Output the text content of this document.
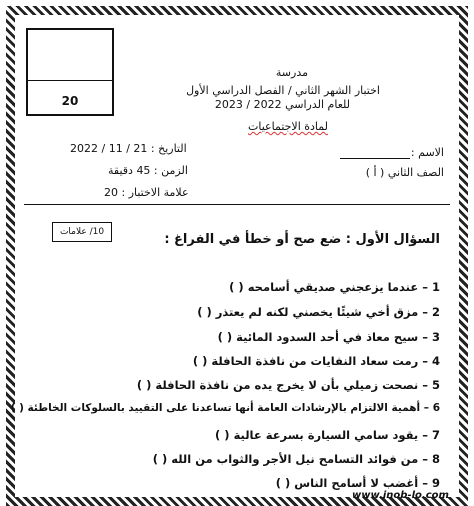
20
مدرسة
اختبار الشهر الثاني / الفصل الدراسي الأول
للعام الدراسي 2022 / 2023
لمادة الاجتماعيات
الاسم :
الصف الثاني ( أ )
التاريخ : 21 / 11 / 2022
الزمن : 45 دقيقة
علامة الاختبار : 20
10/ علامات	السؤال الأول : ضع صح أو خطأ في الفراغ :
1 – عندما يزعجني صديقي أسامحه ( )
2 – مزق أخي شيئًا يخصني لكنه لم يعتذر ( )
3 – سيح معاذ في أحد السدود المائية ( )
4 – رمت سعاد النفايات من نافذة الحافلة ( )
5 – نصحت زميلي بأن لا يخرج يده من نافذة الحافلة ( )
6 – أهمية الالتزام بالإرشادات العامة أنها تساعدنا على التقييد بالسلوكات الخاطئة ( )
7 – يقود سامي السيارة بسرعة عالية ( )
8 – من فوائد التسامح نيل الأجر والثواب من الله ( )
9 – أغضب لا أسامح الناس ( )
www.inob-lo.com
